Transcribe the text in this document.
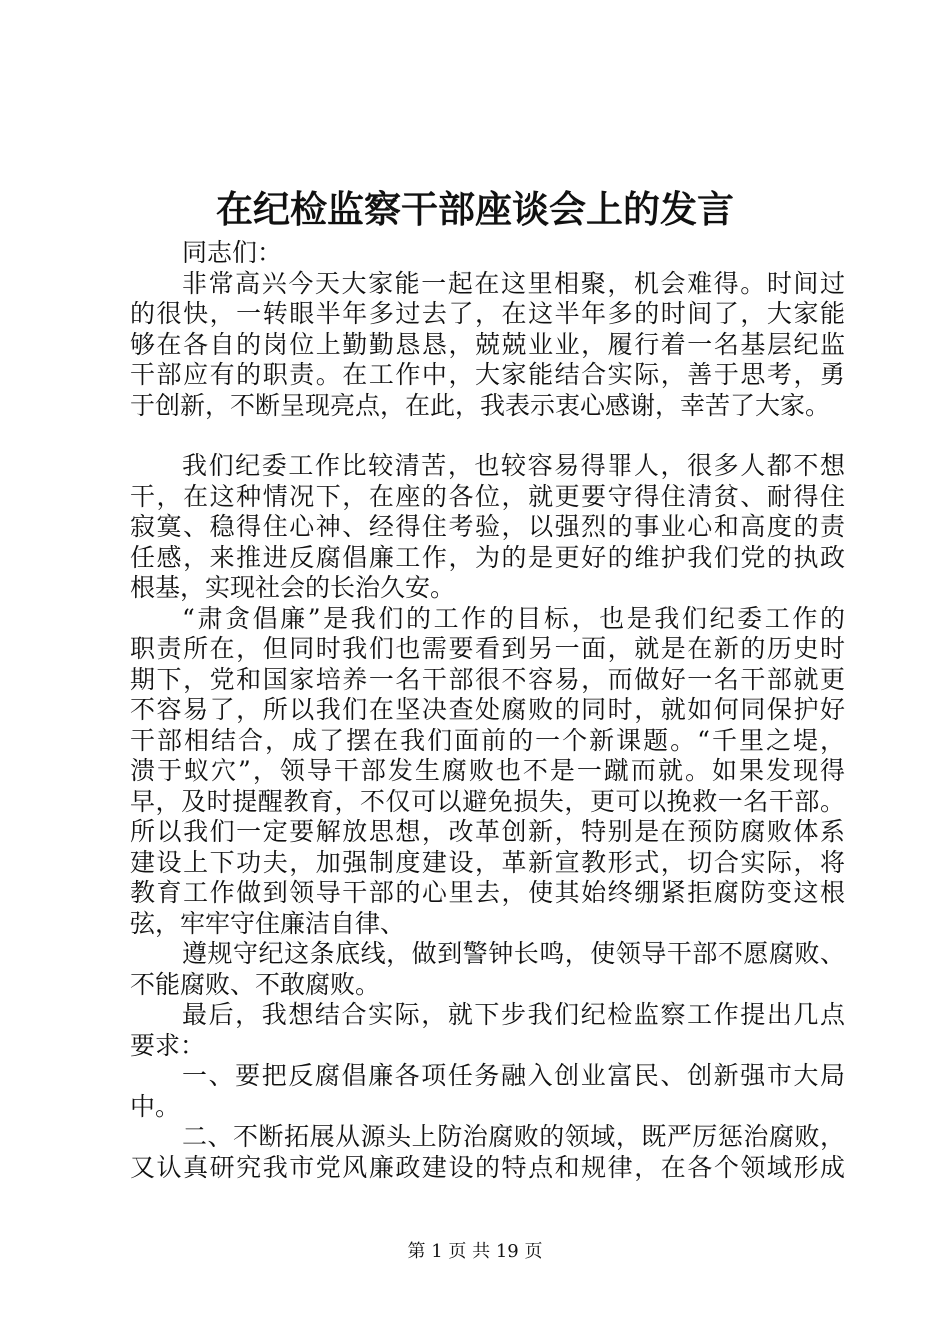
在纪检监察干部座谈会上的发言
同志们：
非常高兴今天大家能一起在这里相聚，机会难得。时间过
的很快，一转眼半年多过去了，在这半年多的时间了，大家能
够在各自的岗位上勤勤恳恳，兢兢业业，履行着一名基层纪监
干部应有的职责。在工作中，大家能结合实际，善于思考，勇
于创新，不断呈现亮点，在此，我表示衷心感谢，幸苦了大家。
我们纪委工作比较清苦，也较容易得罪人，很多人都不想
干，在这种情况下，在座的各位，就更要守得住清贫、耐得住
寂寞、稳得住心神、经得住考验，以强烈的事业心和高度的责
任感，来推进反腐倡廉工作，为的是更好的维护我们党的执政
根基，实现社会的长治久安。
“肃贪倡廉”是我们的工作的目标，也是我们纪委工作的
职责所在，但同时我们也需要看到另一面，就是在新的历史时
期下，党和国家培养一名干部很不容易，而做好一名干部就更
不容易了，所以我们在坚决查处腐败的同时，就如何同保护好
干部相结合，成了摆在我们面前的一个新课题。“千里之堤，
溃于蚁穴”，领导干部发生腐败也不是一蹴而就。如果发现得
早，及时提醒教育，不仅可以避免损失，更可以挽救一名干部。
所以我们一定要解放思想，改革创新，特别是在预防腐败体系
建设上下功夫，加强制度建设，革新宣教形式，切合实际，将
教育工作做到领导干部的心里去，使其始终绷紧拒腐防变这根
弦，牢牢守住廉洁自律、
遵规守纪这条底线，做到警钟长鸣，使领导干部不愿腐败、
不能腐败、不敢腐败。
最后，我想结合实际，就下步我们纪检监察工作提出几点
要求：
一、要把反腐倡廉各项任务融入创业富民、创新强市大局
中。
二、不断拓展从源头上防治腐败的领域，既严厉惩治腐败，
又认真研究我市党风廉政建设的特点和规律，在各个领域形成
第 1 页 共 19 页
